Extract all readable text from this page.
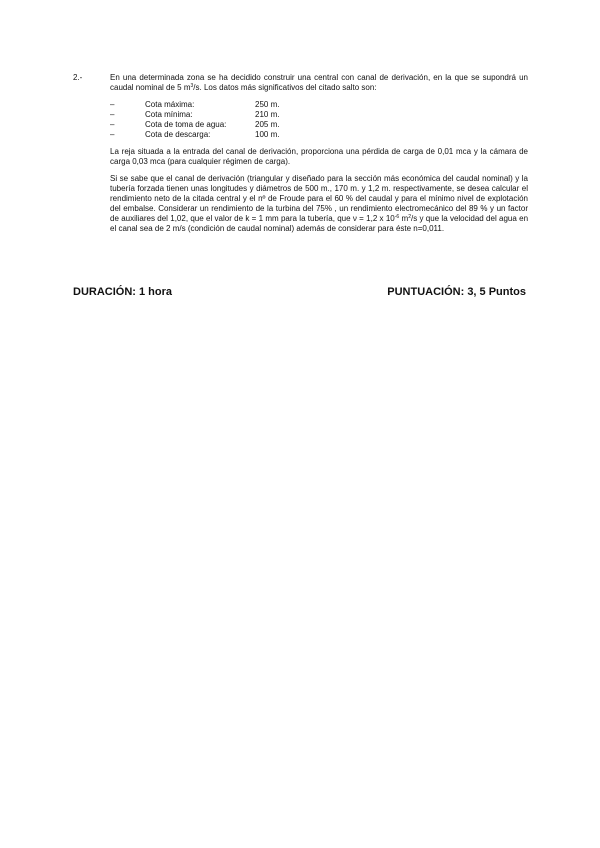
2.-	En una determinada zona se ha decidido construir una central con canal de derivación, en la que se supondrá un caudal nominal de 5 $m^3/s$. Los datos más significativos del citado salto son:

–	Cota máxima:	250 m.
–	Cota mínima:	210 m.
–	Cota de toma de agua:	205 m.
–	Cota de descarga:	100 m.

La reja situada a la entrada del canal de derivación, proporciona una pérdida de carga de 0,01 mca y la cámara de carga 0,03 mca (para cualquier régimen de carga).

Si se sabe que el canal de derivación (triangular y diseñado para la sección más económica del caudal nominal) y la tubería forzada tienen unas longitudes y diámetros de 500 m., 170 m. y 1,2 m. respectivamente, se desea calcular el rendimiento neto de la citada central y el nº de Froude para el 60 % del caudal y para el mínimo nivel de explotación del embalse. Considerar un rendimiento de la turbina del 75% , un rendimiento electromecánico del 89 % y un factor de auxiliares del 1,02, que el valor de k = 1 mm para la tubería, que ν = 1,2 x $10^{-6}$ $m^2/s$ y que la velocidad del agua en el canal sea de 2 m/s (condición de caudal nominal) además de considerar para éste n=0,011.

DURACIÓN: 1 hora	PUNTUACIÓN: 3, 5 Puntos
